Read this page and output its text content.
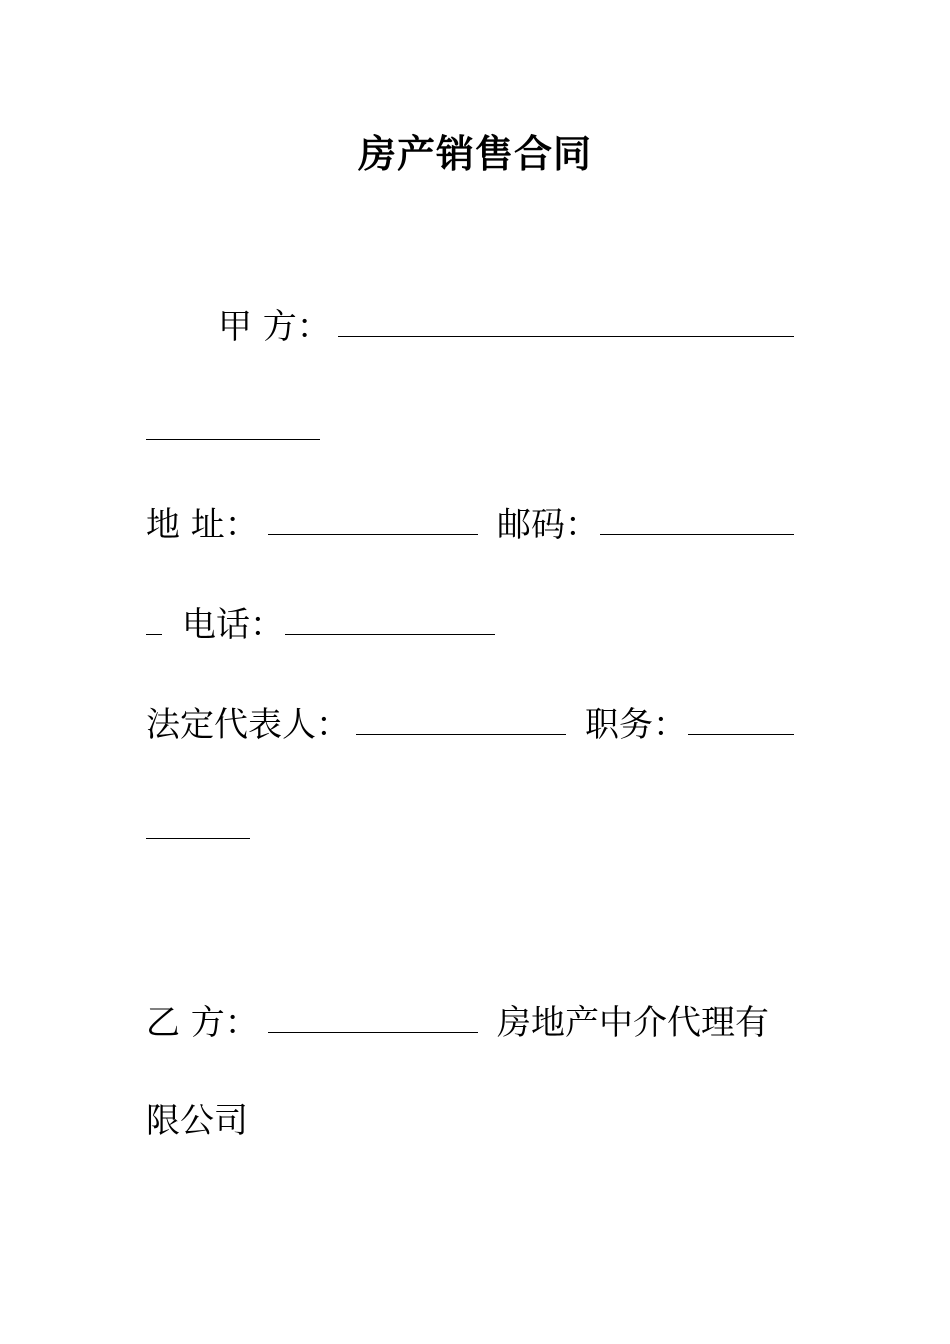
房产销售合同
甲 方：
地 址：	邮码：
电话：
法定代表人：	职务：
乙 方：	房地产中介代理有
限公司
